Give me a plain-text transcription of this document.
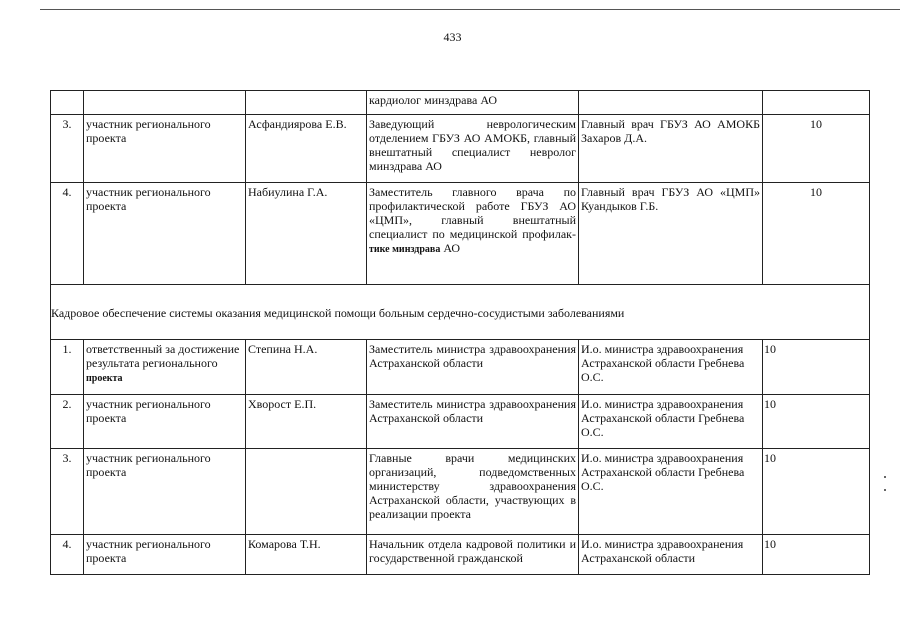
433
			кардиолог минздрава АО		
3.	участник регионального проекта	Асфандиярова Е.В.	Заведующий неврологическим отделением ГБУЗ АО АМОКБ, главный внештатный специалист невролог минздрава АО	Главный врач ГБУЗ АО АМОКБ Захаров Д.А.	10
4.	участник регионального проекта	Набиулина Г.А.	Заместитель главного врача по профилактической работе ГБУЗ АО «ЦМП», главный внештатный специалист по медицинской профилак-тике минздрава АО	Главный врач ГБУЗ АО «ЦМП» Куандыков Г.Б.	10
Кадровое обеспечение системы оказания медицинской помощи больным сердечно-сосудистыми заболеваниями					
1.	ответственный за достижение результата регионального проекта	Степина Н.А.	Заместитель министра здравоохранения Астраханской области	И.о. министра здравоохранения Астраханской области Гребнева О.С.	10
2.	участник регионального проекта	Хворост Е.П.	Заместитель министра здравоохранения Астраханской области	И.о. министра здравоохранения Астраханской области Гребнева О.С.	10
3.	участник регионального проекта		Главные врачи медицинских организаций, подведомственных министерству здравоохранения Астраханской области, участвующих в реализации проекта	И.о. министра здравоохранения Астраханской области Гребнева О.С.	10
4.	участник регионального проекта	Комарова Т.Н.	Начальник отдела кадровой политики и государственной гражданской	И.о. министра здравоохранения Астраханской области	10
